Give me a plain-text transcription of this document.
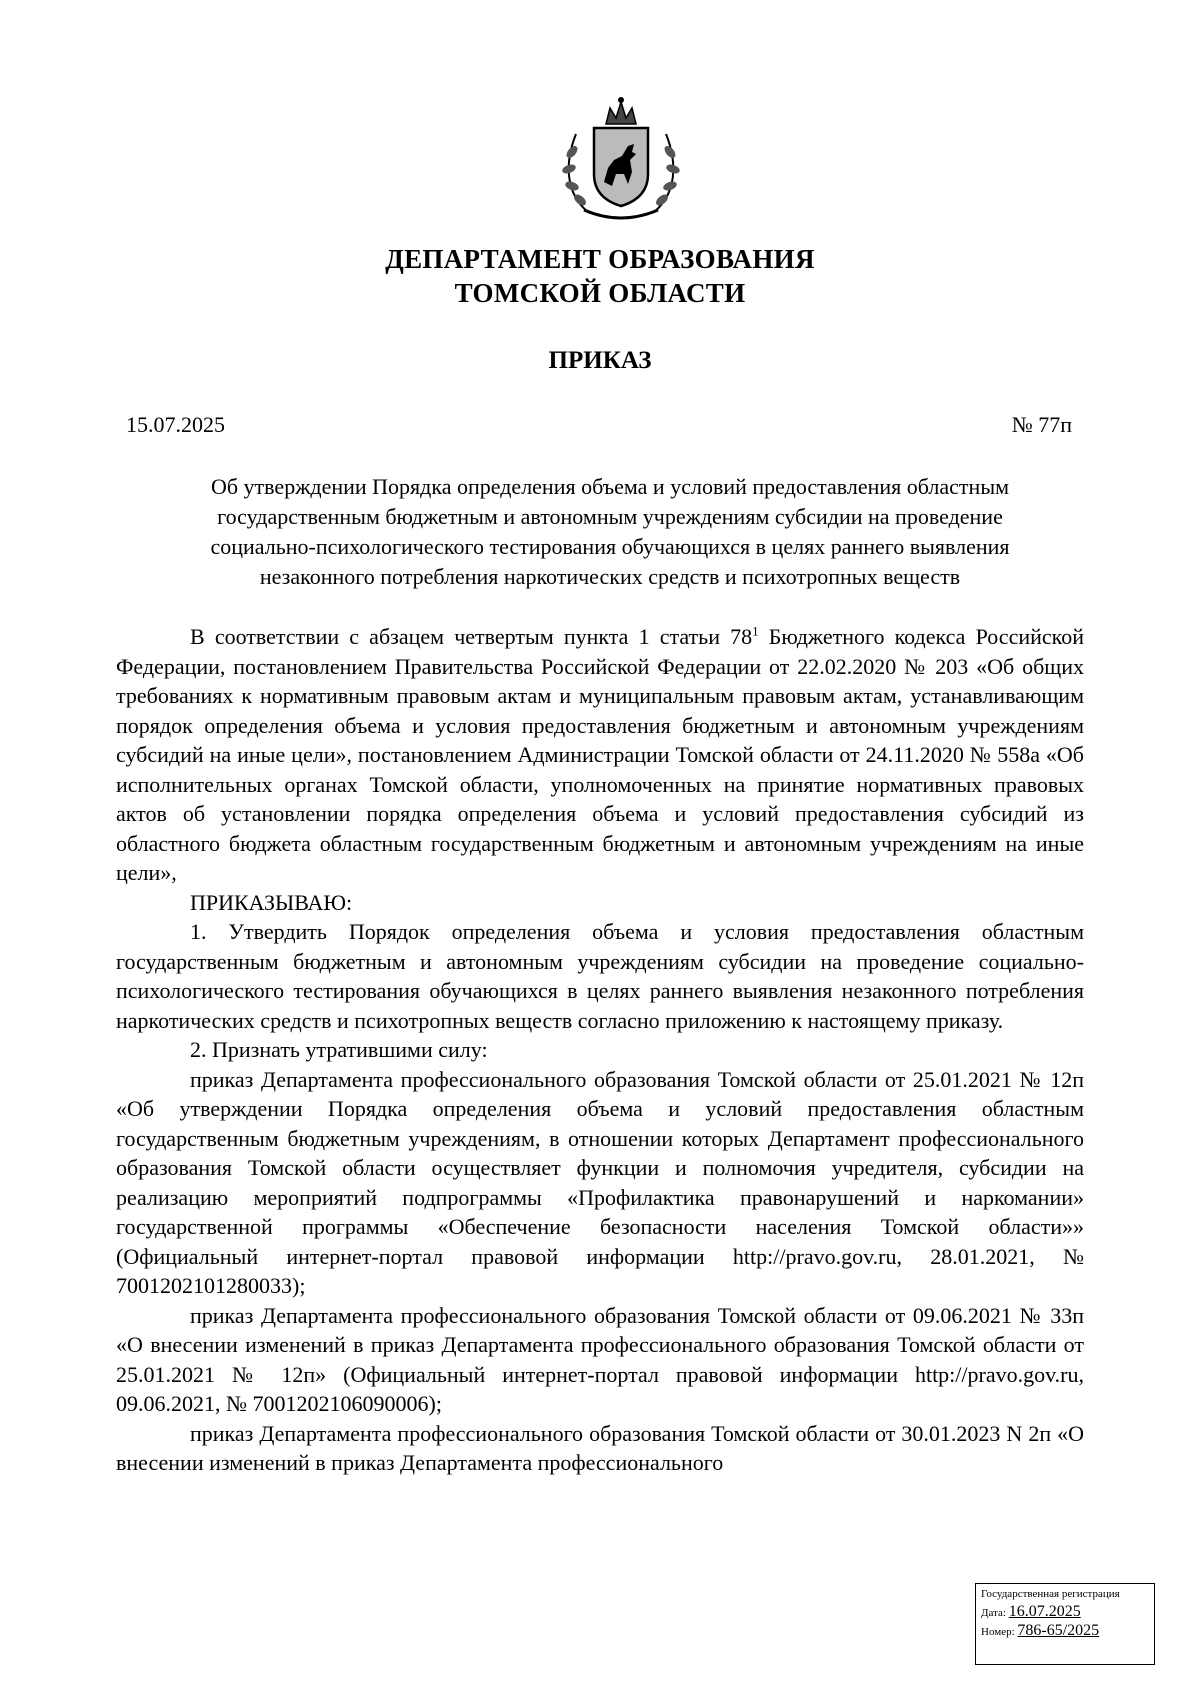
ДЕПАРТАМЕНТ ОБРАЗОВАНИЯ
ТОМСКОЙ ОБЛАСТИ
ПРИКАЗ
15.07.2025	№ 77п
Об утверждении Порядка определения объема и условий предоставления областным
государственным бюджетным и автономным учреждениям субсидии на проведение
социально-психологического тестирования обучающихся в целях раннего выявления
незаконного потребления наркотических средств и психотропных веществ

В соответствии с абзацем четвертым пункта 1 статьи $78^1$ Бюджетного кодекса Российской Федерации, постановлением Правительства Российской Федерации от 22.02.2020 № 203 «Об общих требованиях к нормативным правовым актам и муниципальным правовым актам, устанавливающим порядок определения объема и условия предоставления бюджетным и автономным учреждениям субсидий на иные цели», постановлением Администрации Томской области от 24.11.2020 № 558а «Об исполнительных органах Томской области, уполномоченных на принятие нормативных правовых актов об установлении порядка определения объема и условий предоставления субсидий из областного бюджета областным государственным бюджетным и автономным учреждениям на иные цели»,

ПРИКАЗЫВАЮ:

1. Утвердить Порядок определения объема и условия предоставления областным государственным бюджетным и автономным учреждениям субсидии на проведение социально-психологического тестирования обучающихся в целях раннего выявления незаконного потребления наркотических средств и психотропных веществ согласно приложению к настоящему приказу.

2. Признать утратившими силу:

приказ Департамента профессионального образования Томской области от 25.01.2021 № 12п «Об утверждении Порядка определения объема и условий предоставления областным государственным бюджетным учреждениям, в отношении которых Департамент профессионального образования Томской области осуществляет функции и полномочия учредителя, субсидии на реализацию мероприятий подпрограммы «Профилактика правонарушений и наркомании» государственной программы «Обеспечение безопасности населения Томской области»» (Официальный интернет-портал правовой информации http://pravo.gov.ru, 28.01.2021, № 7001202101280033);

приказ Департамента профессионального образования Томской области от 09.06.2021 № 33п «О внесении изменений в приказ Департамента профессионального образования Томской области от 25.01.2021 № 12п» (Официальный интернет-портал правовой информации http://pravo.gov.ru, 09.06.2021, № 7001202106090006);

приказ Департамента профессионального образования Томской области от 30.01.2023 N 2п «О внесении изменений в приказ Департамента профессионального

Государственная регистрация
Дата: 16.07.2025
Номер: 786-65/2025
